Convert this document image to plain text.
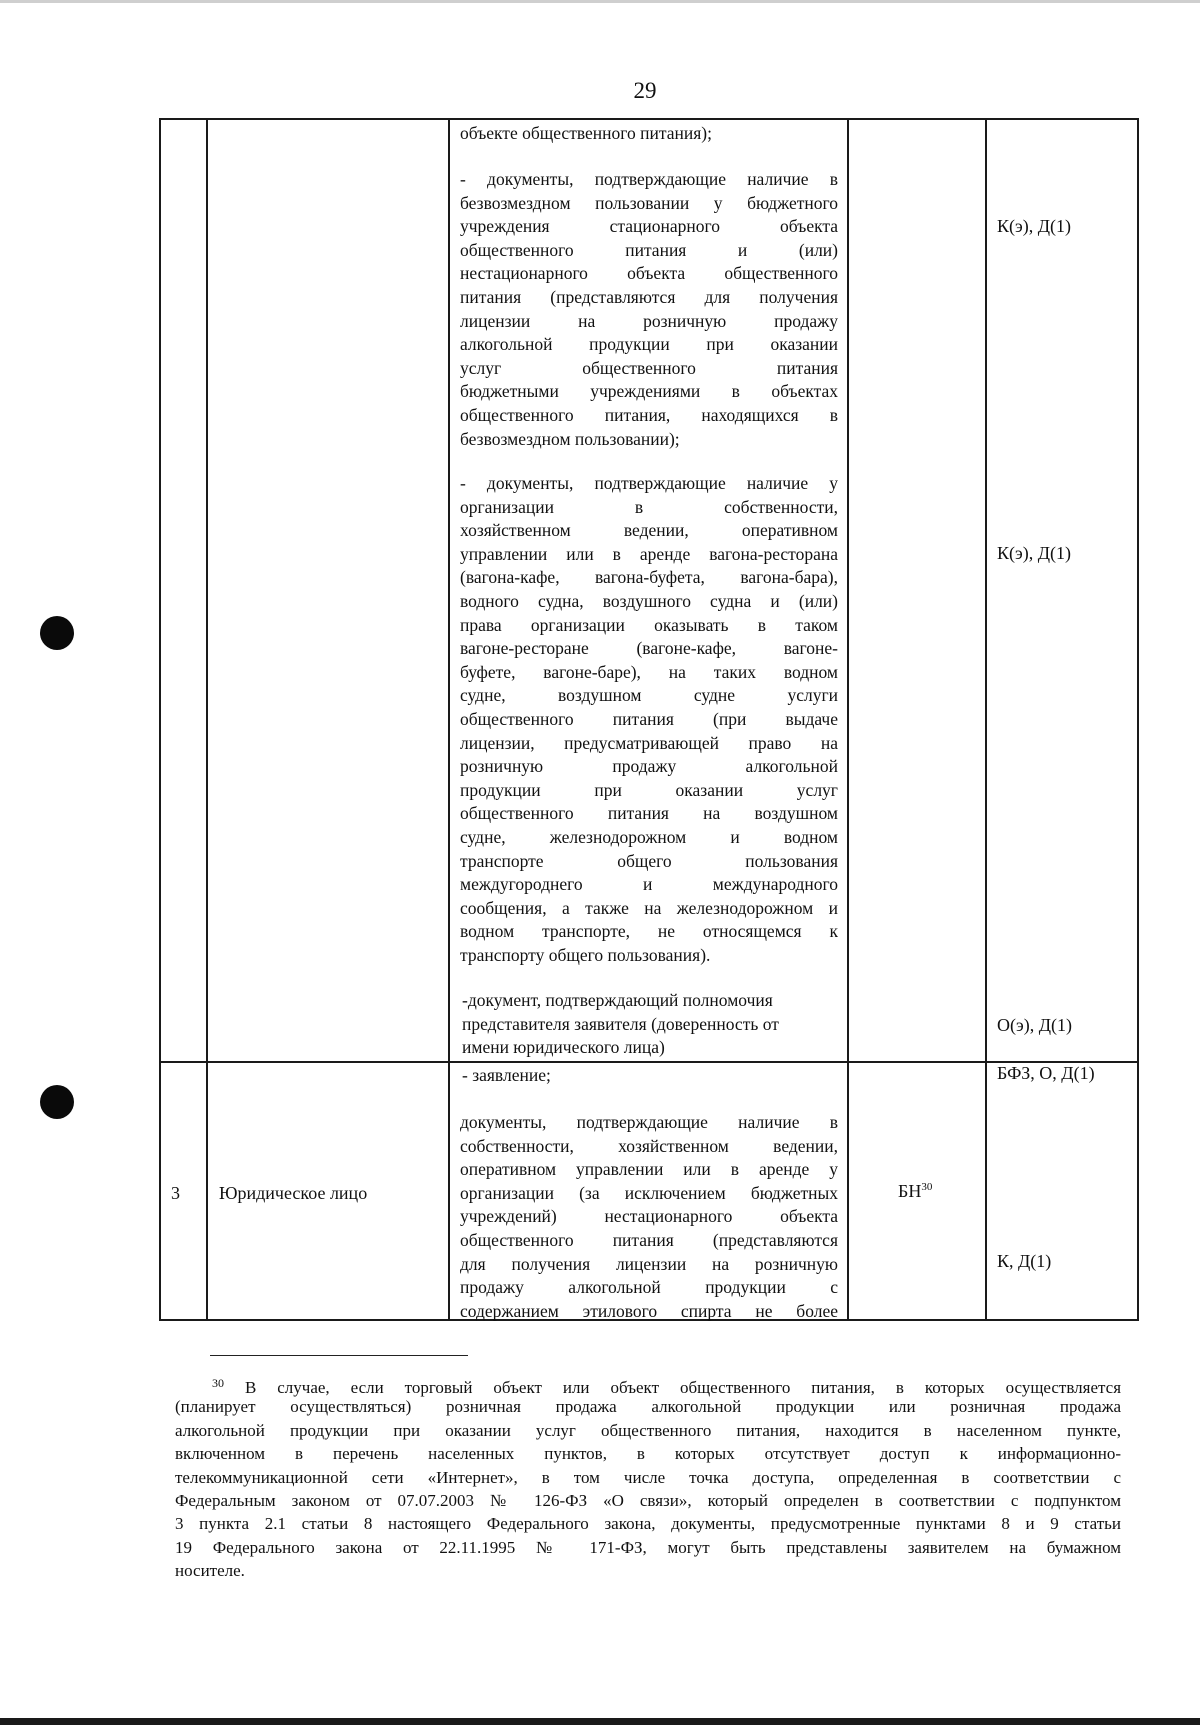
29
объекте общественного питания);
- документы, подтверждающие наличие в
безвозмездном пользовании у бюджетного
учреждения стационарного объекта
общественного питания и (или)
нестационарного объекта общественного
питания (представляются для получения
лицензии на розничную продажу
алкогольной продукции при оказании
услуг общественного питания
бюджетными учреждениями в объектах
общественного питания, находящихся в
безвозмездном пользовании);
К(э), Д(1)
- документы, подтверждающие наличие у
организации в собственности,
хозяйственном ведении, оперативном
управлении или в аренде вагона-ресторана
(вагона-кафе, вагона-буфета, вагона-бара),
водного судна, воздушного судна и (или)
права организации оказывать в таком
вагоне-ресторане (вагоне-кафе, вагоне-
буфете, вагоне-баре), на таких водном
судне, воздушном судне услуги
общественного питания (при выдаче
лицензии, предусматривающей право на
розничную продажу алкогольной
продукции при оказании услуг
общественного питания на воздушном
судне, железнодорожном и водном
транспорте общего пользования
междугороднего и международного
сообщения, а также на железнодорожном и
водном транспорте, не относящемся к
транспорту общего пользования).
К(э), Д(1)
-документ, подтверждающий полномочия
представителя заявителя (доверенность от
имени юридического лица)
О(э), Д(1)
3 Юридическое лицо	БН$^{30}$
- заявление;	БФЗ, О, Д(1)
документы, подтверждающие наличие в
собственности, хозяйственном ведении,
оперативном управлении или в аренде у
организации (за исключением бюджетных
учреждений) нестационарного объекта
общественного питания (представляются
для получения лицензии на розничную
продажу алкогольной продукции с
содержанием этилового спирта не более
К, Д(1)
$^{30}$ В случае, если торговый объект или объект общественного питания, в которых осуществляется
(планирует осуществляться) розничная продажа алкогольной продукции или розничная продажа
алкогольной продукции при оказании услуг общественного питания, находится в населенном пункте,
включенном в перечень населенных пунктов, в которых отсутствует доступ к информационно-
телекоммуникационной сети «Интернет», в том числе точка доступа, определенная в соответствии с
Федеральным законом от 07.07.2003 № 126-ФЗ «О связи», который определен в соответствии с подпунктом
3 пункта 2.1 статьи 8 настоящего Федерального закона, документы, предусмотренные пунктами 8 и 9 статьи
19 Федерального закона от 22.11.1995 № 171-ФЗ, могут быть представлены заявителем на бумажном
носителе.
